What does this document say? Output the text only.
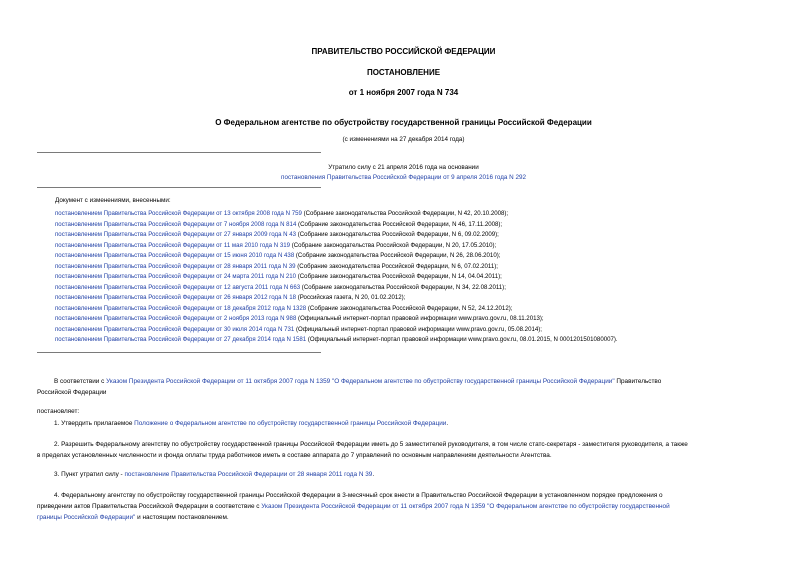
ПРАВИТЕЛЬСТВО РОССИЙСКОЙ ФЕДЕРАЦИИ
ПОСТАНОВЛЕНИЕ
от 1 ноября 2007 года N 734
О Федеральном агентстве по обустройству государственной границы Российской Федерации
(с изменениями на 27 декабря 2014 года)
Утратило силу с 21 апреля 2016 года на основании
постановления Правительства Российской Федерации от 9 апреля 2016 года N 292
Документ с изменениями, внесенными:
постановлением Правительства Российской Федерации от 13 октября 2008 года N 759 (Собрание законодательства Российской Федерации, N 42, 20.10.2008);
постановлением Правительства Российской Федерации от 7 ноября 2008 года N 814 (Собрание законодательства Российской Федерации, N 46, 17.11.2008);
постановлением Правительства Российской Федерации от 27 января 2009 года N 43 (Собрание законодательства Российской Федерации, N 6, 09.02.2009);
постановлением Правительства Российской Федерации от 11 мая 2010 года N 319 (Собрание законодательства Российской Федерации, N 20, 17.05.2010);
постановлением Правительства Российской Федерации от 15 июня 2010 года N 438 (Собрание законодательства Российской Федерации, N 26, 28.06.2010);
постановлением Правительства Российской Федерации от 28 января 2011 года N 39 (Собрание законодательства Российской Федерации, N 6, 07.02.2011);
постановлением Правительства Российской Федерации от 24 марта 2011 года N 210 (Собрание законодательства Российской Федерации, N 14, 04.04.2011);
постановлением Правительства Российской Федерации от 12 августа 2011 года N 663 (Собрание законодательства Российской Федерации, N 34, 22.08.2011);
постановлением Правительства Российской Федерации от 26 января 2012 года N 18 (Российская газета, N 20, 01.02.2012);
постановлением Правительства Российской Федерации от 18 декабря 2012 года N 1328 (Собрание законодательства Российской Федерации, N 52, 24.12.2012);
постановлением Правительства Российской Федерации от 2 ноября 2013 года N 988 (Официальный интернет-портал правовой информации www.pravo.gov.ru, 08.11.2013);
постановлением Правительства Российской Федерации от 30 июля 2014 года N 731 (Официальный интернет-портал правовой информации www.pravo.gov.ru, 05.08.2014);
постановлением Правительства Российской Федерации от 27 декабря 2014 года N 1581 (Официальный интернет-портал правовой информации www.pravo.gov.ru, 08.01.2015, N 0001201501080007).
В соответствии с Указом Президента Российской Федерации от 11 октября 2007 года N 1359 "О Федеральном агентстве по обустройству государственной границы Российской Федерации" Правительство
Российской Федерации
постановляет:
1. Утвердить прилагаемое Положение о Федеральном агентстве по обустройству государственной границы Российской Федерации.
2. Разрешить Федеральному агентству по обустройству государственной границы Российской Федерации иметь до 5 заместителей руководителя, в том числе статс-секретаря - заместителя руководителя, а также
в пределах установленных численности и фонда оплаты труда работников иметь в составе аппарата до 7 управлений по основным направлениям деятельности Агентства.
3. Пункт утратил силу - постановление Правительства Российской Федерации от 28 января 2011 года N 39.
4. Федеральному агентству по обустройству государственной границы Российской Федерации в 3-месячный срок внести в Правительство Российской Федерации в установленном порядке предложения о
приведении актов Правительства Российской Федерации в соответствие с Указом Президента Российской Федерации от 11 октября 2007 года N 1359 "О Федеральном агентстве по обустройству государственной
границы Российской Федерации" и настоящим постановлением.
